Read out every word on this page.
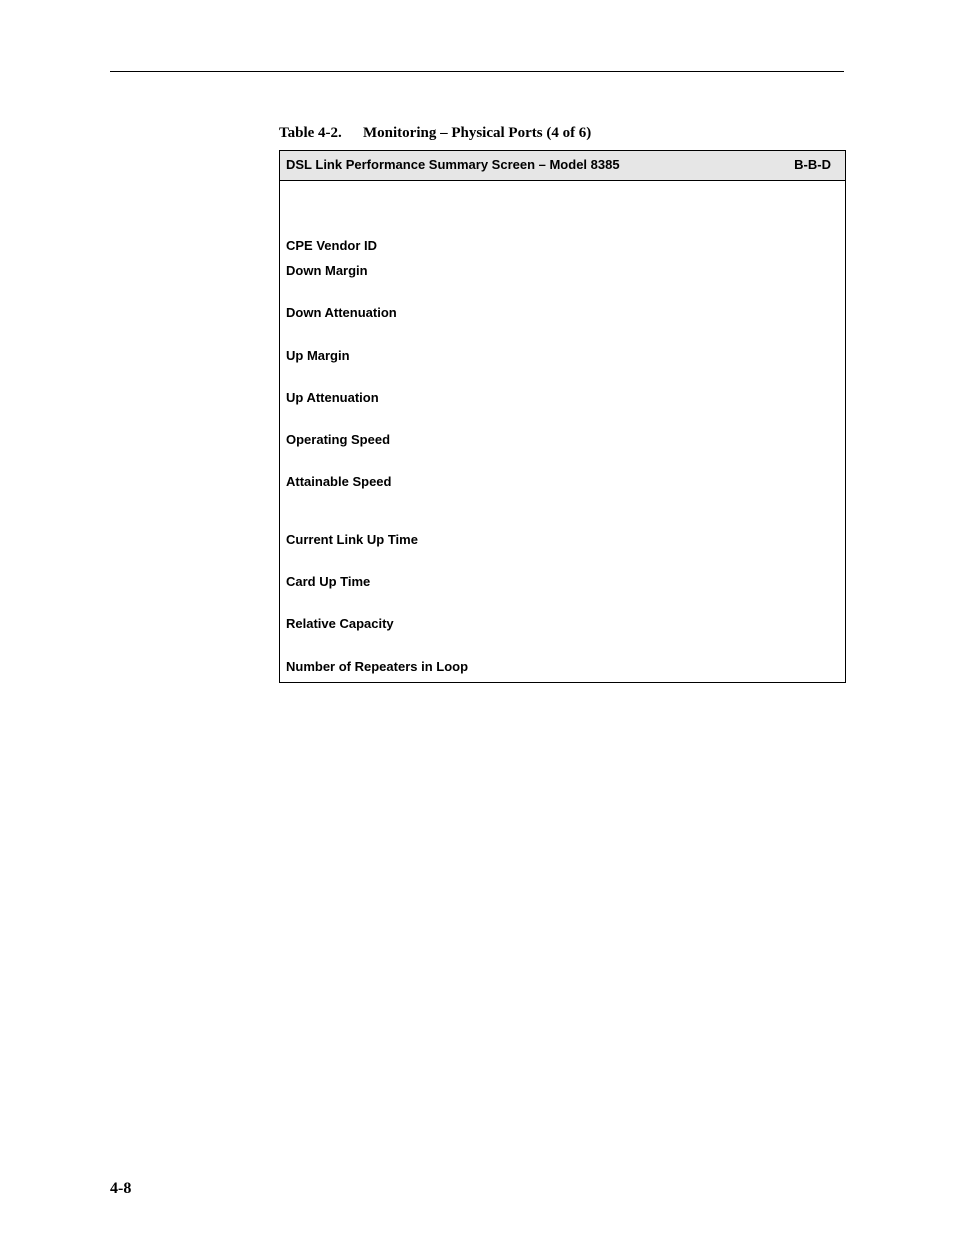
Table 4-2. Monitoring – Physical Ports (4 of 6)
DSL Link Performance Summary Screen – Model 8385	B-B-D
CPE Vendor ID
Down Margin
Down Attenuation
Up Margin
Up Attenuation
Operating Speed
Attainable Speed
Current Link Up Time
Card Up Time
Relative Capacity
Number of Repeaters in Loop
4-8
